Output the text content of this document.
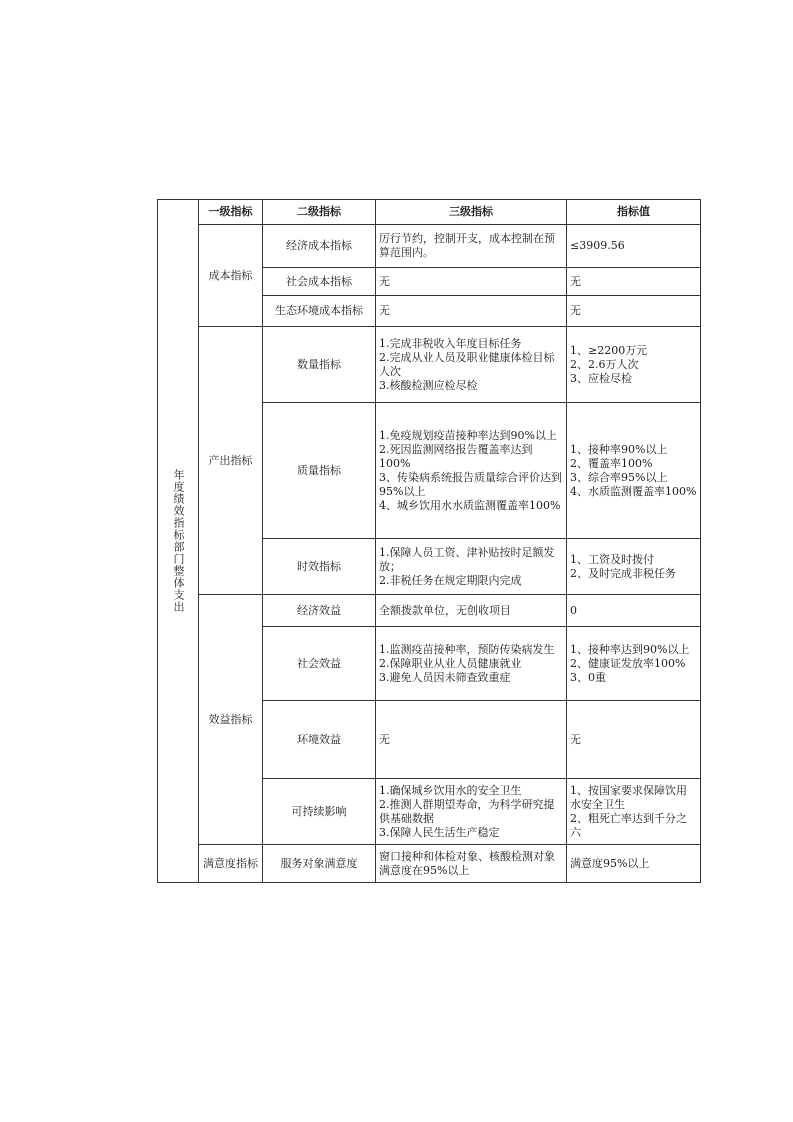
年度绩效指标部门整体支出	一级指标	二级指标	三级指标	指标值
	成本指标	经济成本指标	厉行节约，控制开支，成本控制在预算范围内。	≤3909.56

		社会成本指标	无	无

		生态环境成本指标	无	无

	产出指标	数量指标	1.完成非税收入年度目标任务
2.完成从业人员及职业健康体检目标人次
3.核酸检测应检尽检	1、≥2200万元
2、2.6万人次
3、应检尽检

		质量指标	1.免疫规划疫苗接种率达到90%以上
2.死因监测网络报告覆盖率达到100%
3、传染病系统报告质量综合评价达到95%以上
4、城乡饮用水水质监测覆盖率100%	1、接种率90%以上
2、覆盖率100%
3、综合率95%以上
4、水质监测覆盖率100%

		时效指标	1.保障人员工资、津补贴按时足额发放；
2.非税任务在规定期限内完成	1、工资及时拨付
2、及时完成非税任务

	效益指标	经济效益	全额拨款单位，无创收项目	0

		社会效益	1.监测疫苗接种率，预防传染病发生
2.保障职业从业人员健康就业
3.避免人员因未筛查致重症	1、接种率达到90%以上
2、健康证发放率100%　　　3、0重

		环境效益	无	无

		可持续影响	1.确保城乡饮用水的安全卫生
2.推测人群期望寿命，为科学研究提供基础数据
3.保障人民生活生产稳定	1、按国家要求保障饮用水安全卫生
2、粗死亡率达到千分之六

	满意度指标	服务对象满意度	窗口接种和体检对象、核酸检测对象满意度在95%以上	满意度95%以上
